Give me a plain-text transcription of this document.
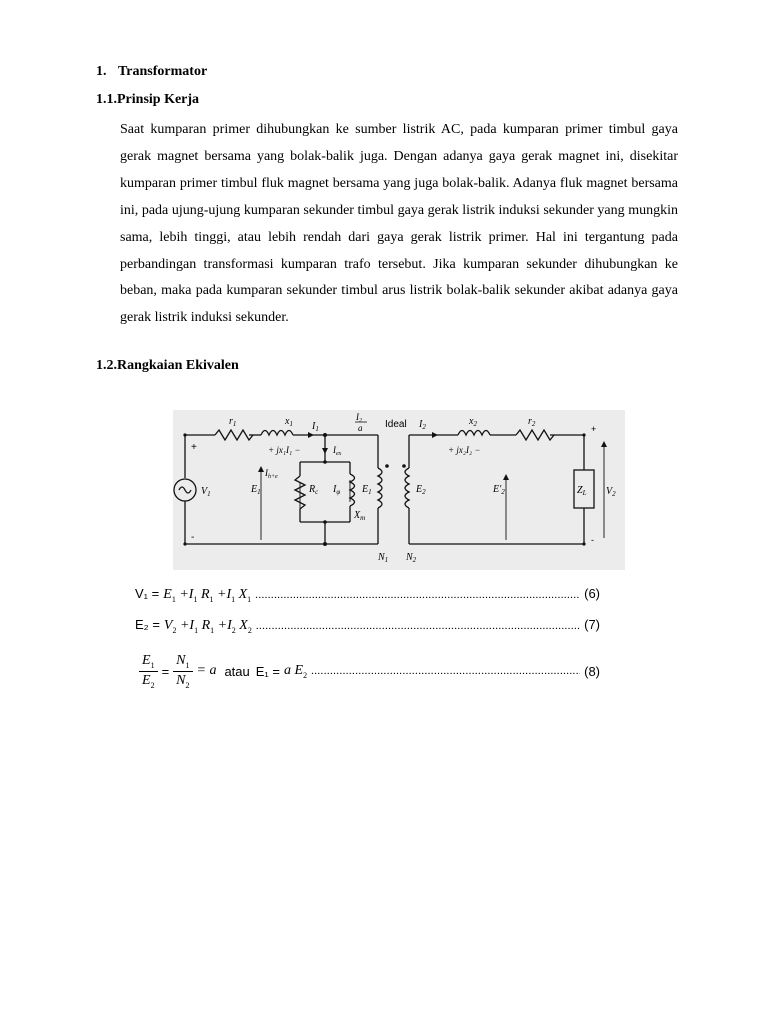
1. Transformator
1.1.Prinsip Kerja

Saat kumparan primer dihubungkan ke sumber listrik AC, pada kumparan primer timbul gaya gerak magnet bersama yang bolak-balik juga. Dengan adanya gaya gerak magnet ini, disekitar kumparan primer timbul fluk magnet bersama yang juga bolak-balik. Adanya fluk magnet bersama ini, pada ujung-ujung kumparan sekunder timbul gaya gerak listrik induksi sekunder yang mungkin sama, lebih tinggi, atau lebih rendah dari gaya gerak listrik primer. Hal ini tergantung pada perbandingan transformasi kumparan trafo tersebut. Jika kumparan sekunder dihubungkan ke beban, maka pada kumparan sekunder timbul arus listrik bolak-balik sekunder akibat adanya gaya gerak listrik induksi sekunder.

1.2.Rangkaian Ekivalen
$r_1$	$x_1$ $I_1$
$I_2$
a Ideal $I_2$	$x_2$	$r_2$
+ jx₁I₁ −	$I_{ex}$	+ jx₂I₂ −
+
-
+
-
$V_1$	$E_1$
$I_{h+e}$
$R_c$ $I_\varphi$ $E_1$
$X_m$
$E_2$	$E'_2$	$Z_L$ $V_2$
$N_1$ $N_2$
$V_1 = E_1 +I_1$ $R_1 +I_1$ $X_1$ .....	(6)
$E_2 = V_2 +I_1$ $R_1 +I_2$ $X_2$ .....	(7)
$\frac{E_1}{E_2} = \frac{N_1}{N_2} = a$ atau E₁ = a $E_2$ .....	(8)
